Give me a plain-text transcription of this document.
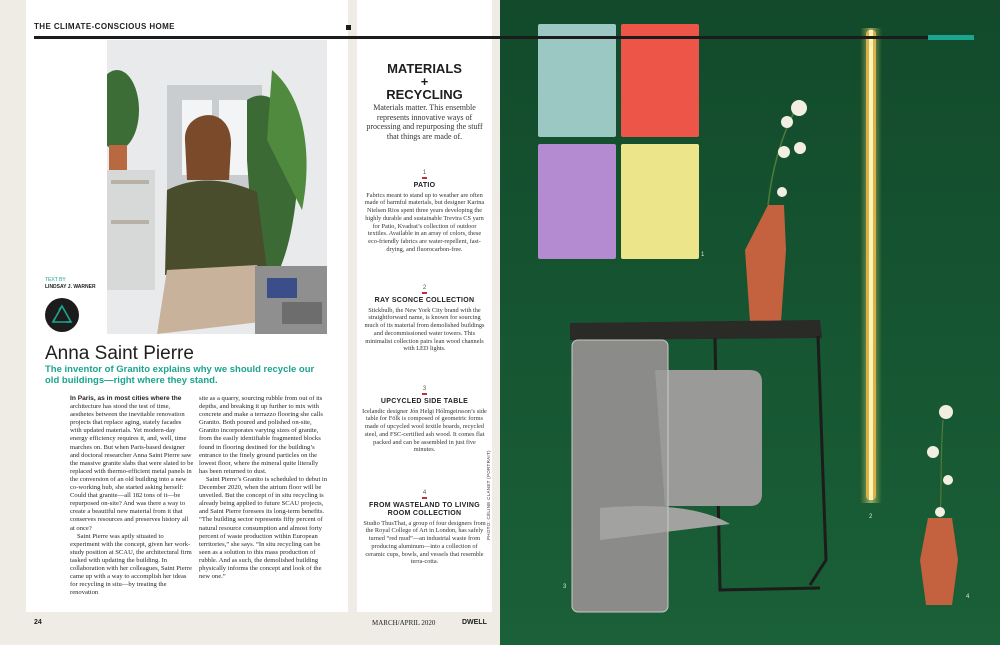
1
2
3
4
THE CLIMATE-CONSCIOUS HOME
TEXT BY
LINDSAY J. WARNER
Anna Saint Pierre
The inventor of Granito explains why we should recycle our old buildings—right where they stand.

In Paris, as in most cities where the architecture has stood the test of time, aesthetes between the inevitable renovation projects that replace aging, stately facades with updated materials. Yet modern-day energy efficiency requires it, and, well, time marches on. But when Paris-based designer and doctoral researcher Anna Saint Pierre saw the massive granite slabs that were slated to be replaced with thermo-efficient metal panels in the conversion of an old building into a new co-working hub, she started asking herself: Could that granite—all 182 tons of it—be repurposed on-site? And was there a way to create a beautiful new material from it that conserves resources and preserves history all at once?

Saint Pierre was aptly situated to experiment with the concept, given her work-study position at SCAU, the architectural firm tasked with updating the building. In collaboration with her colleagues, Saint Pierre came up with a way to accomplish her ideas for recycling in situ—by treating the renovation

site as a quarry, sourcing rubble from out of its depths, and breaking it up further to mix with concrete and make a terrazzo flooring she calls Granito. Both poured and polished on-site, Granito incorporates varying sizes of granite, from the easily identifiable fragmented blocks found in flooring destined for the building’s entrance to the finely ground particles on the lowest floor, where the mineral quite literally has been returned to dust.

Saint Pierre’s Granito is scheduled to debut in December 2020, when the atrium floor will be unveiled. But the concept of in situ recycling is already being applied to future SCAU projects, and Saint Pierre foresees its long-term benefits. “The building sector represents fifty percent of natural resource consumption and almost forty percent of waste production within European territories,” she says. “In situ recycling can be seen as a solution to this mass production of rubble. And as such, the demolished building physically informs the concept and look of the new one.”

MATERIALS
+
RECYCLING
Materials matter. This ensemble represents innovative ways of processing and repurposing the stuff that things are made of.
1
PATIO
Fabrics meant to stand up to weather are often made of harmful materials, but designer Karina Nielsen Rios spent three years developing the highly durable and sustainable Trevira CS yarn for Patio, Kvadrat’s collection of outdoor textiles. Available in an array of colors, these eco-friendly fabrics are water-repellent, fast-drying, and fluorocarbon-free.
2
RAY SCONCE COLLECTION
Stickbulb, the New York City brand with the straightforward name, is known for sourcing much of its material from demolished buildings and decommissioned water towers. This minimalist collection pairs lean wood channels with LED lights.
3
UPCYCLED SIDE TABLE
Icelandic designer Jón Helgi Hólmgeirsson’s side table for Fölk is composed of geometric forms made of upcycled wool textile boards, recycled steel, and FSC-certified ash wood. It comes flat packed and can be assembled in just five minutes.
4
FROM WASTELAND TO LIVING ROOM COLLECTION
Studio ThusThat, a group of four designers from the Royal College of Art in London, has safely turned “red mud”—an industrial waste from producing aluminum—into a collection of ceramic cups, bowls, and vessels that resemble terra-cotta.
PHOTO: CÉLINE CLANET (PORTRAIT)
24	MARCH/APRIL 2020	DWELL
